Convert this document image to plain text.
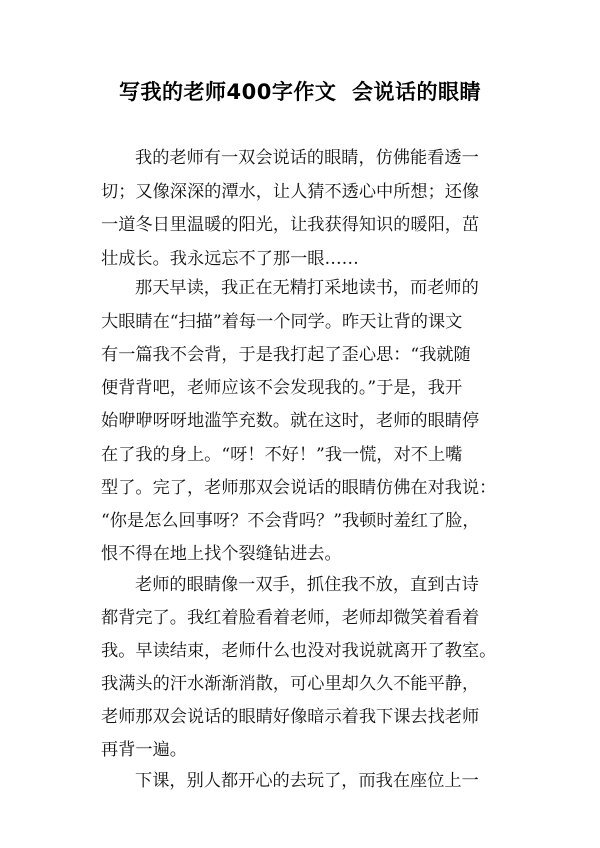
写我的老师400字作文  会说话的眼睛
我的老师有一双会说话的眼睛，仿佛能看透一
切；又像深深的潭水，让人猜不透心中所想；还像
一道冬日里温暖的阳光，让我获得知识的暖阳，茁
壮成长。我永远忘不了那一眼……
那天早读，我正在无精打采地读书，而老师的
大眼睛在“扫描”着每一个同学。昨天让背的课文
有一篇我不会背，于是我打起了歪心思：“我就随
便背背吧，老师应该不会发现我的。”于是，我开
始咿咿呀呀地滥竽充数。就在这时，老师的眼睛停
在了我的身上。“呀！不好！”我一慌，对不上嘴
型了。完了，老师那双会说话的眼睛仿佛在对我说：
“你是怎么回事呀？不会背吗？”我顿时羞红了脸，
恨不得在地上找个裂缝钻进去。
老师的眼睛像一双手，抓住我不放，直到古诗
都背完了。我红着脸看着老师，老师却微笑着看着
我。早读结束，老师什么也没对我说就离开了教室。
我满头的汗水渐渐消散，可心里却久久不能平静，
老师那双会说话的眼睛好像暗示着我下课去找老师
再背一遍。
下课，别人都开心的去玩了，而我在座位上一
